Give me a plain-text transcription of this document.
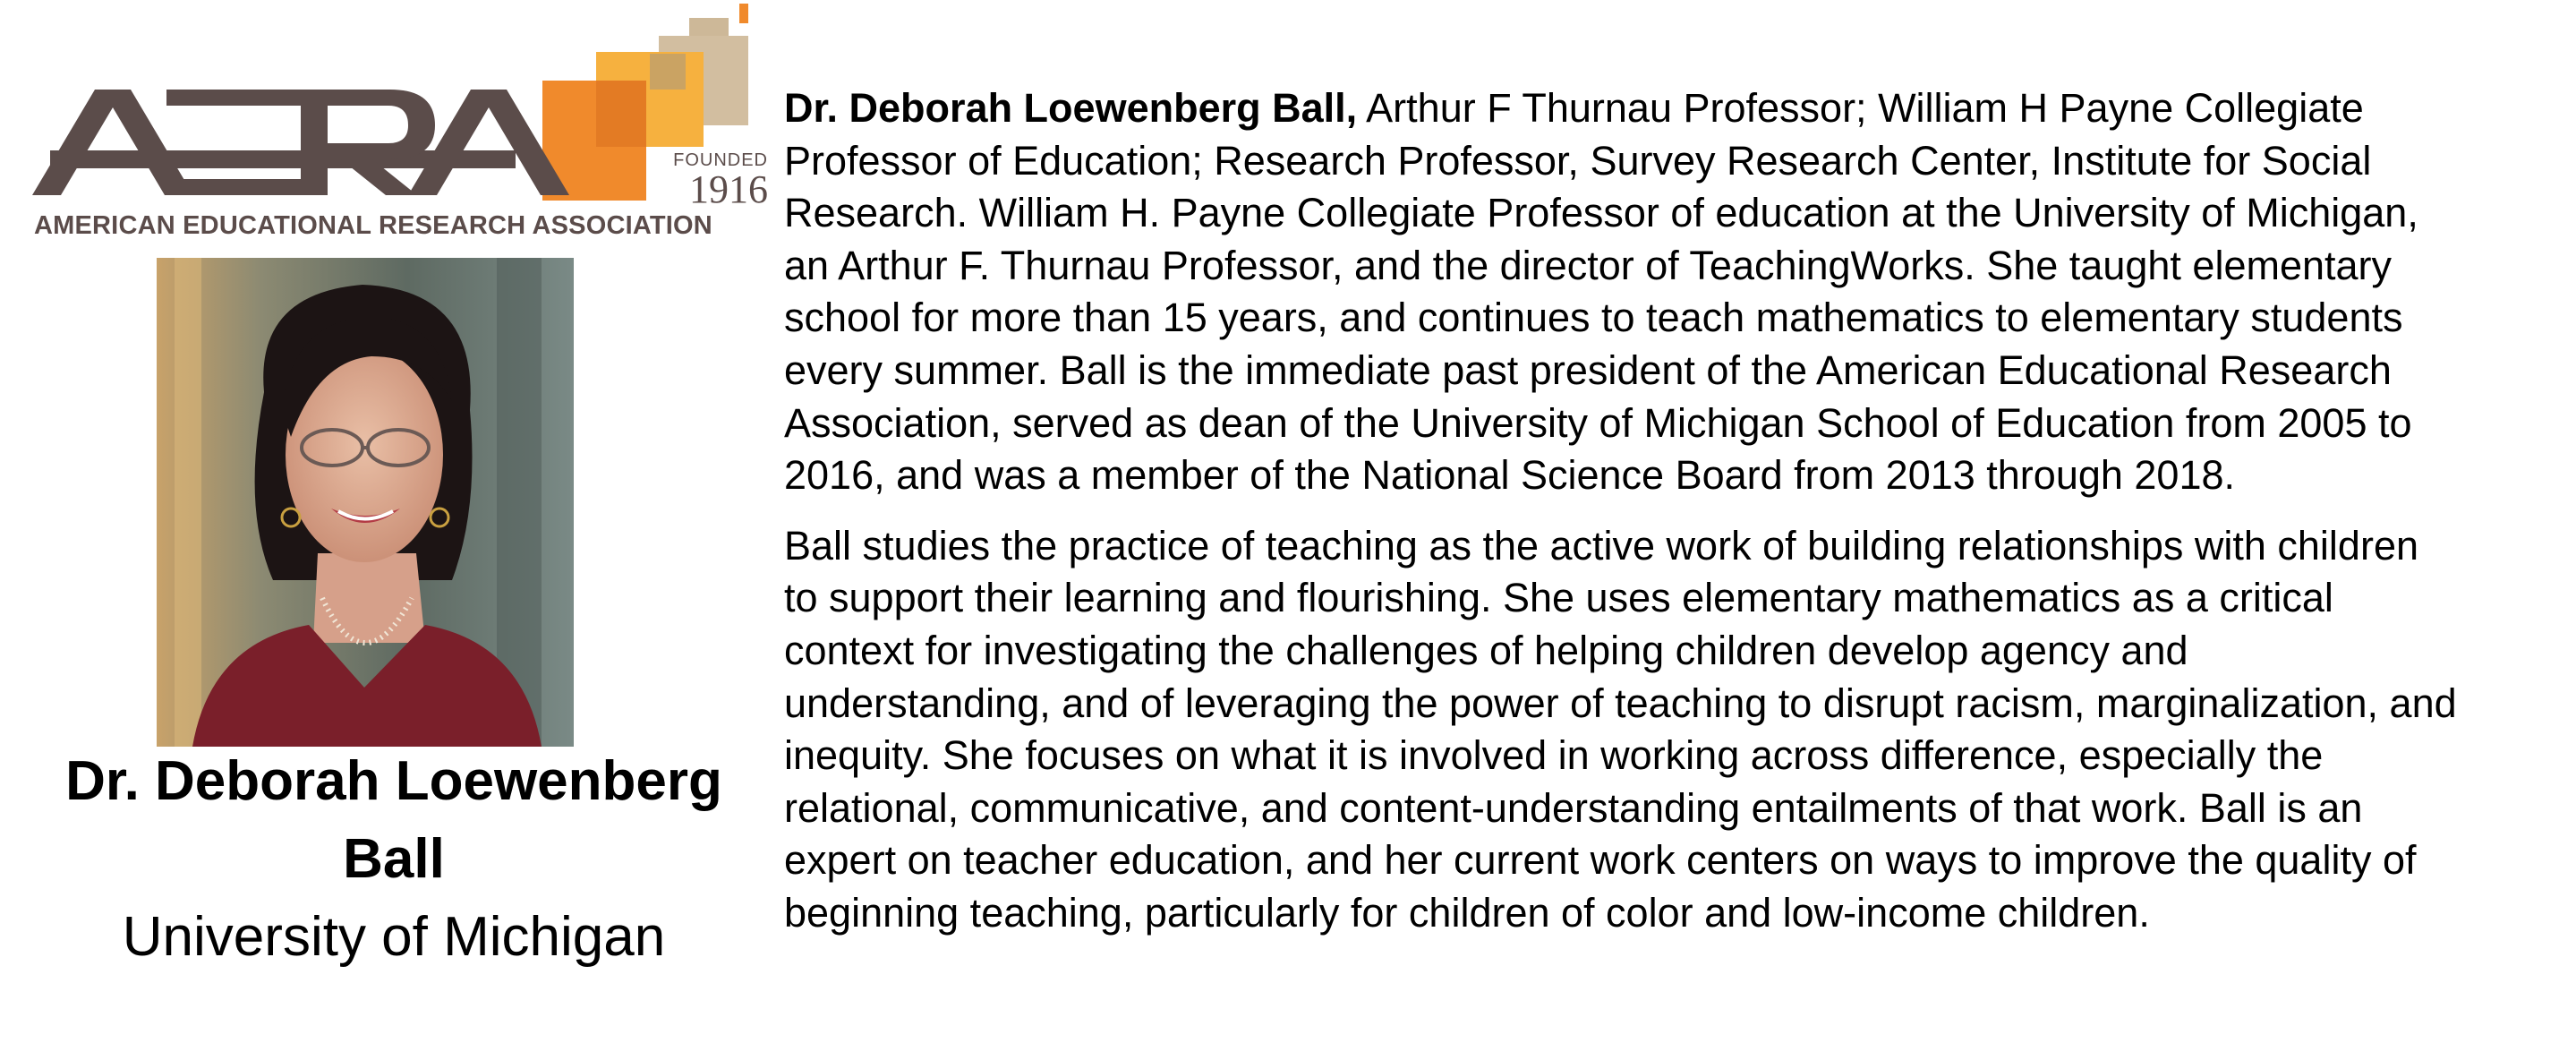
FOUNDED
1916
AMERICAN EDUCATIONAL RESEARCH ASSOCIATION
Dr. Deborah Loewenberg Ball
University of Michigan

Dr. Deborah Loewenberg Ball, Arthur F Thurnau Professor; William H Payne Collegiate Professor of Education; Research Professor, Survey Research Center, Institute for Social Research. William H. Payne Collegiate Professor of education at the University of Michigan, an Arthur F. Thurnau Professor, and the director of TeachingWorks. She taught elementary school for more than 15 years, and continues to teach mathematics to elementary students every summer. Ball is the immediate past president of the American Educational Research Association, served as dean of the University of Michigan School of Education from 2005 to 2016, and was a member of the National Science Board from 2013 through 2018.

Ball studies the practice of teaching as the active work of building relationships with children to support their learning and flourishing. She uses elementary mathematics as a critical context for investigating the challenges of helping children develop agency and understanding, and of leveraging the power of teaching to disrupt racism, marginalization, and inequity. She focuses on what it is involved in working across difference, especially the relational, communicative, and content-understanding entailments of that work. Ball is an expert on teacher education, and her current work centers on ways to improve the quality of beginning teaching, particularly for children of color and low-income children.
